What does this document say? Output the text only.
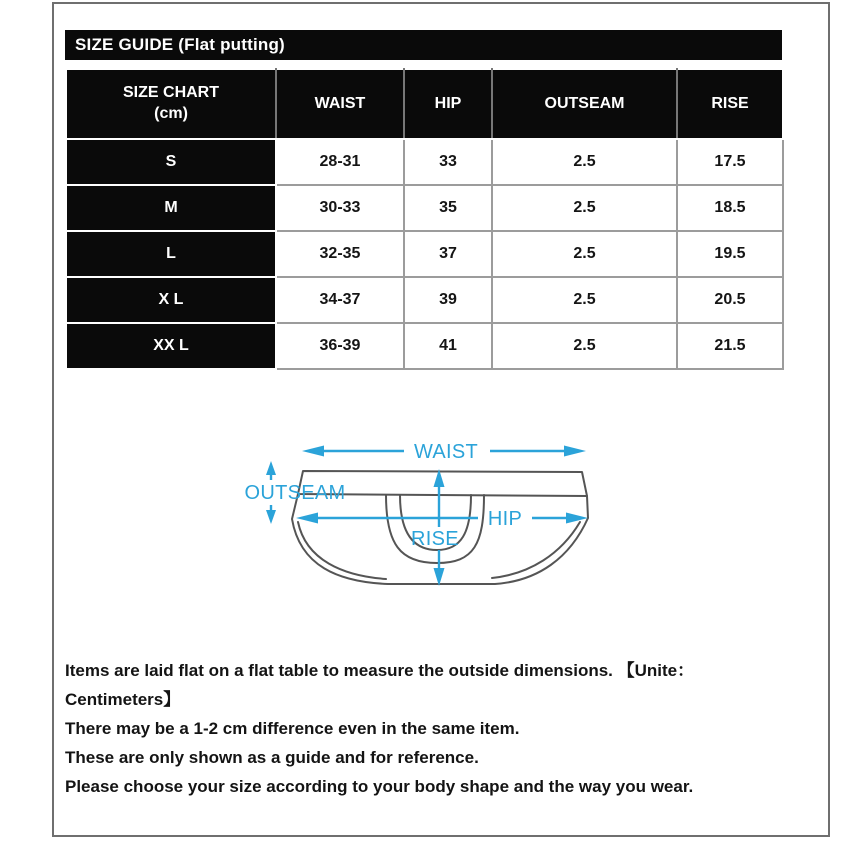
SIZE GUIDE (Flat putting)
SIZE CHART
(cm)	WAIST	HIP	OUTSEAM	RISE
S	28-31	33	2.5	17.5
M	30-33	35	2.5	18.5
L	32-35	37	2.5	19.5
X L	34-37	39	2.5	20.5
XX L	36-39	41	2.5	21.5
WAIST
OUTSEAM
HIP
RISE
Items are laid flat on a flat table to measure the outside dimensions. 【Unite：
Centimeters】
There may be a 1-2 cm difference even in the same item.
These are only shown as a guide and for reference.
Please choose your size according to your body shape and the way you wear.
